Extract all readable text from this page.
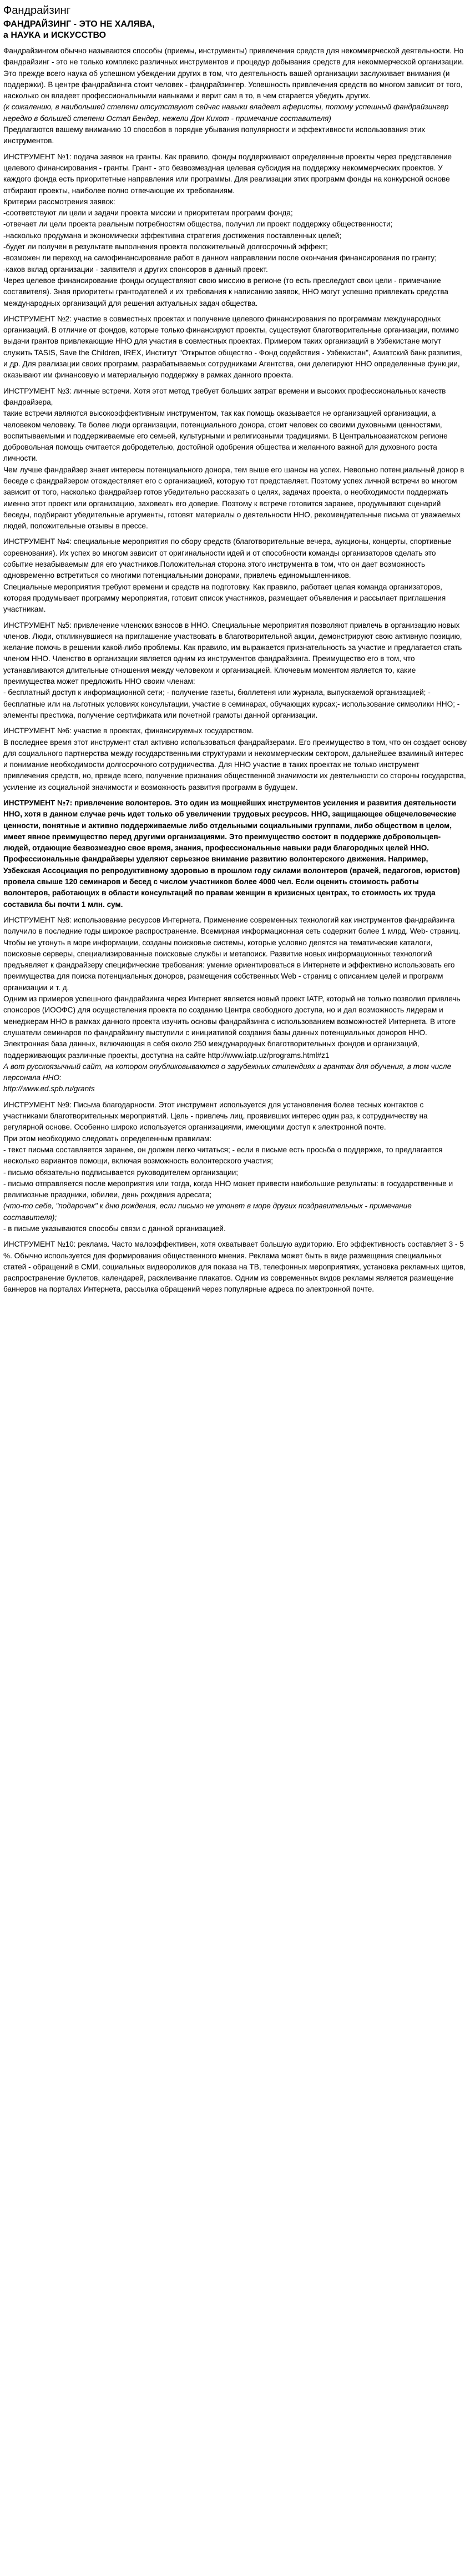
Фандрайзинг
ФАНДРАЙЗИНГ - ЭТО НЕ ХАЛЯВА,
а НАУКА и ИСКУССТВО

Фандрайзингом обычно называются способы (приемы, инструменты) привлечения средств для некоммерческой деятельности. Но фандрайзинг - это не только комплекс различных инструментов и процедур добывания средств для некоммерческой организации. Это прежде всего наука об успешном убеждении других в том, что деятельность вашей организации заслуживает внимания (и поддержки). В центре фандрайзинга стоит человек - фандрайзингер. Успешность привлечения средств во многом зависит от того, насколько он владеет профессиональными навыками и верит сам в то, в чем старается убедить других.

(к сожалению, в наибольшей степени отсутствуют сейчас навыки владеет аферисты, потому успешный фандрайзингер нередко в большей степени Остап Бендер, нежели Дон Кихот - примечание составителя)

Предлагаются вашему вниманию 10 способов в порядке убывания популярности и эффективности использования этих инструментов.

ИНСТРУМЕНТ №1: подача заявок на гранты. Как правило, фонды поддерживают определенные проекты через представление целевого финансирования - гранты. Грант - это безвозмездная целевая субсидия на поддержку некоммерческих проектов. У каждого фонда есть приоритетные направления или программы. Для реализации этих программ фонды на конкурсной основе отбирают проекты, наиболее полно отвечающие их требованиям.

Критерии рассмотрения заявок:

-соответствуют ли цели и задачи проекта миссии и приоритетам программ фонда;

-отвечает ли цели проекта реальным потребностям общества, получил ли проект поддержку общественности;

-насколько продумана и экономически эффективна стратегия достижения поставленных целей;

-будет ли получен в результате выполнения проекта положительный долгосрочный эффект;

-возможен ли переход на самофинансирование работ в данном направлении после окончания финансирования по гранту;

-каков вклад организации - заявителя и других спонсоров в данный проект.

Через целевое финансирование фонды осуществляют свою миссию в регионе (то есть преследуют свои цели - примечание составителя). Зная приоритеты грантодателей и их требования к написанию заявок, ННО могут успешно привлекать средства международных организаций для решения актуальных задач общества.

ИНСТРУМЕНТ №2: участие в совместных проектах и получение целевого финансирования по программам международных организаций. В отличие от фондов, которые только финансируют проекты, существуют благотворительные организации, помимо выдачи грантов привлекающие ННО для участия в совместных проектах. Примером таких организаций в Узбекистане могут служить TASIS, Save the Children, IREX, Институт "Открытое общество - Фонд содействия - Узбекистан", Азиатский банк развития, и др. Для реализации своих программ, разрабатываемых сотрудниками Агентства, они делегируют ННО определенные функции, оказывают им финансовую и материальную поддержку в рамках данного проекта.

ИНСТРУМЕНТ №3: личные встречи. Хотя этот метод требует больших затрат времени и высоких профессиональных качеств фандрайзера,

такие встречи являются высокоэффективным инструментом, так как помощь оказывается не организацией организации, а человеком человеку. Те более люди организации, потенциального донора, стоит человек со своими духовными ценностями, воспитываемыми и поддерживаемые его семьей, культурными и религиозными традициями. В Центральноазиатском регионе добровольная помощь считается добродетелью, достойной одобрения общества и желанного важной для духовного роста личности.

Чем лучше фандрайзер знает интересы потенциального донора, тем выше его шансы на успех. Невольно потенциальный донор в беседе с фандрайзером отождествляет его с организацией, которую тот представляет. Поэтому успех личной встречи во многом зависит от того, насколько фандрайзер готов убедительно рассказать о целях, задачах проекта, о необходимости поддержать именно этот проект или организацию, заховеать его доверие. Поэтому к встрече готовится заранее, продумывают сценарий беседы, подбирают убедительные аргументы, готовят материалы о деятельности ННО, рекомендательные письма от уважаемых людей, положительные отзывы в прессе.

ИНСТРУМЕНТ №4: специальные мероприятия по сбору средств (благотворительные вечера, аукционы, концерты, спортивные соревнования). Их успех во многом зависит от оригинальности идей и от способности команды организаторов сделать это событие незабываемым для его участников.Положительная сторона этого инструмента в том, что он дает возможность одновременно встретиться со многими потенциальными донорами, привлечь единомышленников.

Специальные мероприятия требуют времени и средств на подготовку. Как правило, работает целая команда организаторов, которая продумывает программу мероприятия, готовит список участников, размещает объявления и рассылает приглашения участникам.

ИНСТРУМЕНТ №5: привлечение членских взносов в ННО. Специальные мероприятия позволяют привлечь в организацию новых членов. Люди, откликнувшиеся на приглашение участвовать в благотворительной акции, демонстрируют свою активную позицию, желание помочь в решении какой-либо проблемы. Как правило, им выражается признательность за участие и предлагается стать членом ННО. Членство в организации является одним из инструментов фандрайзинга. Преимущество его в том, что устанавливаются длительные отношения между человеком и организацией. Ключевым моментом является то, какие преимущества может предложить ННО своим членам:

- бесплатный доступ к информационной сети; - получение газеты, бюллетеня или журнала, выпускаемой организацией; - бесплатные или на льготных условиях консультации, участие в семинарах, обучающих курсах;- использование символики ННО; - элементы престижа, получение сертификата или почетной грамоты данной организации.

ИНСТРУМЕНТ №6: участие в проектах, финансируемых государством.

В последнее время этот инструмент стал активно использоваться фандрайзерами. Его преимущество в том, что он создает основу для социального партнерства между государственными структурами и некоммерческим сектором, дальнейшее взаимный интерес и понимание необходимости долгосрочного сотрудничества. Для ННО участие в таких проектах не только инструмент привлечения средств, но, прежде всего, получение признания общественной значимости их деятельности со стороны государства, усиление из социальной значимости и возможность развития программ в будущем.

ИНСТРУМЕНТ №7: привлечение волонтеров. Это один из мощнейших инструментов усиления и развития деятельности ННО, хотя в данном случае речь идет только об увеличении трудовых ресурсов. ННО, защищающее общечеловеческие ценности, понятные и активно поддерживаемые либо отдельными социальными группами, либо обществом в целом, имеет явное преимущество перед другими организациями. Это преимущество состоит в поддержке добровольцев- людей, отдающие безвозмездно свое время, знания, профессиональные навыки ради благородных целей ННО.

Профессиональные фандрайзеры уделяют серьезное внимание развитию волонтерского движения. Например, Узбекская Ассоциация по репродуктивному здоровью в прошлом году силами волонтеров (врачей, педагогов, юристов) провела свыше 120 семинаров и бесед с числом участников более 4000 чел. Если оценить стоимость работы волонтеров, работающих в области консультаций по правам женщин в кризисных центрах, то стоимость их труда составила бы почти 1 млн. сум.

ИНСТРУМЕНТ №8: использование ресурсов Интернета. Применение современных технологий как инструментов фандрайзинга получило в последние годы широкое распространение. Всемирная информационная сеть содержит более 1 млрд. Web- страниц. Чтобы не утонуть в море информации, созданы поисковые системы, которые условно делятся на тематические каталоги, поисковые серверы, специализированные поисковые службы и метапоиск. Развитие новых информационных технологий предъявляет к фандрайзеру специфические требования: умение ориентироваться в Интернете и эффективно использовать его преимущества для поиска потенциальных доноров, размещения собственных Web - страниц с описанием целей и программ организации и т. д.

Одним из примеров успешного фандрайзинга через Интернет является новый проект IATP, который не только позволил привлечь спонсоров (ИООФС) для осуществления проекта по созданию Центра свободного доступа, но и дал возможность лидерам и менеджерам ННО в рамках данного проекта изучить основы фандрайзинга с использованием возможностей Интернета. В итоге слушатели семинаров по фандрайзингу выступили с инициативой создания базы данных потенциальных доноров ННО. Электронная база данных, включающая в себя около 250 международных благотворительных фондов и организаций, поддерживающих различные проекты, доступна на сайте http://www.iatp.uz/programs.html#z1

А вот русскоязычный сайт, на котором опубликовываются о зарубежных стипендиях и грантах для обучения, в том числе персонала ННО:

http://www.ed.spb.ru/grants

ИНСТРУМЕНТ №9: Письма благодарности. Этот инструмент используется для установления более тесных контактов с участниками благотворительных мероприятий. Цель - привлечь лиц, проявивших интерес один раз, к сотрудничеству на регулярной основе. Особенно широко используется организациями, имеющими доступ к электронной почте.

При этом необходимо следовать определенным правилам:

- текст письма составляется заранее, он должен легко читаться; - если в письме есть просьба о поддержке, то предлагается несколько вариантов помощи, включая возможность волонтерского участия;

- письмо обязательно подписывается руководителем организации;

- письмо отправляется после мероприятия или тогда, когда ННО может привести наибольшие результаты: в государственные и религиозные праздники, юбилеи, день рождения адресата;

(что-то себе, "подарочек" к дню рождения, если письмо не утонет в море других поздравительных - примечание составителя);

- в письме указываются способы связи с данной организацией.

ИНСТРУМЕНТ №10: реклама. Часто малоэффективен, хотя охватывает большую аудиторию. Его эффективность составляет 3 - 5 %. Обычно используется для формирования общественного мнения. Реклама может быть в виде размещения специальных статей - обращений в СМИ, социальных видеороликов для показа на ТВ, телефонных мероприятиях, установка рекламных щитов, распространение буклетов, календарей, расклеивание плакатов. Одним из современных видов рекламы является размещение баннеров на порталах Интернета, рассылка обращений через популярные адреса по электронной почте.
